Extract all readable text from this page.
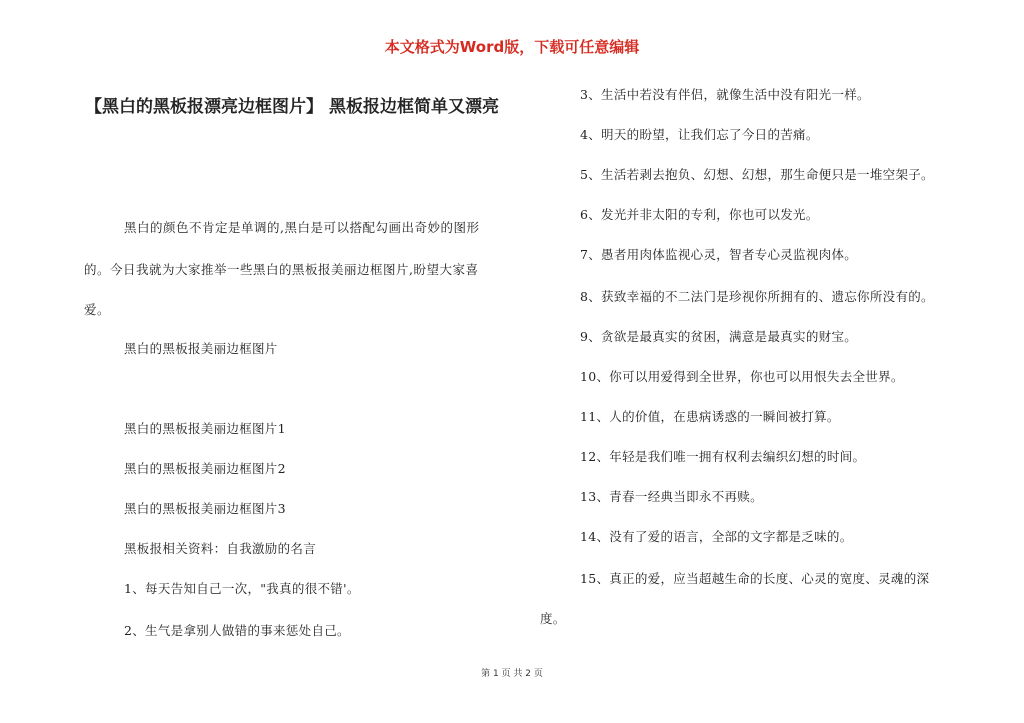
本文格式为Word版，下载可任意编辑
【黑白的黑板报漂亮边框图片】 黑板报边框简单又漂亮
黑白的颜色不肯定是单调的,黑白是可以搭配勾画出奇妙的图形
的。今日我就为大家推举一些黑白的黑板报美丽边框图片,盼望大家喜
爱。
黑白的黑板报美丽边框图片
黑白的黑板报美丽边框图片1
黑白的黑板报美丽边框图片2
黑白的黑板报美丽边框图片3
黑板报相关资料：自我激励的名言
1、每天告知自己一次，"我真的很不错'。
2、生气是拿别人做错的事来惩处自己。
3、生活中若没有伴侣，就像生活中没有阳光一样。
4、明天的盼望，让我们忘了今日的苦痛。
5、生活若剥去抱负、幻想、幻想，那生命便只是一堆空架子。
6、发光并非太阳的专利，你也可以发光。
7、愚者用肉体监视心灵，智者专心灵监视肉体。
8、获致幸福的不二法门是珍视你所拥有的、遗忘你所没有的。
9、贪欲是最真实的贫困，满意是最真实的财宝。
10、你可以用爱得到全世界，你也可以用恨失去全世界。
11、人的价值，在患病诱惑的一瞬间被打算。
12、年轻是我们唯一拥有权利去编织幻想的时间。
13、青春一经典当即永不再赎。
14、没有了爱的语言，全部的文字都是乏味的。
15、真正的爱，应当超越生命的长度、心灵的宽度、灵魂的深
度。
第 1 页 共 2 页
